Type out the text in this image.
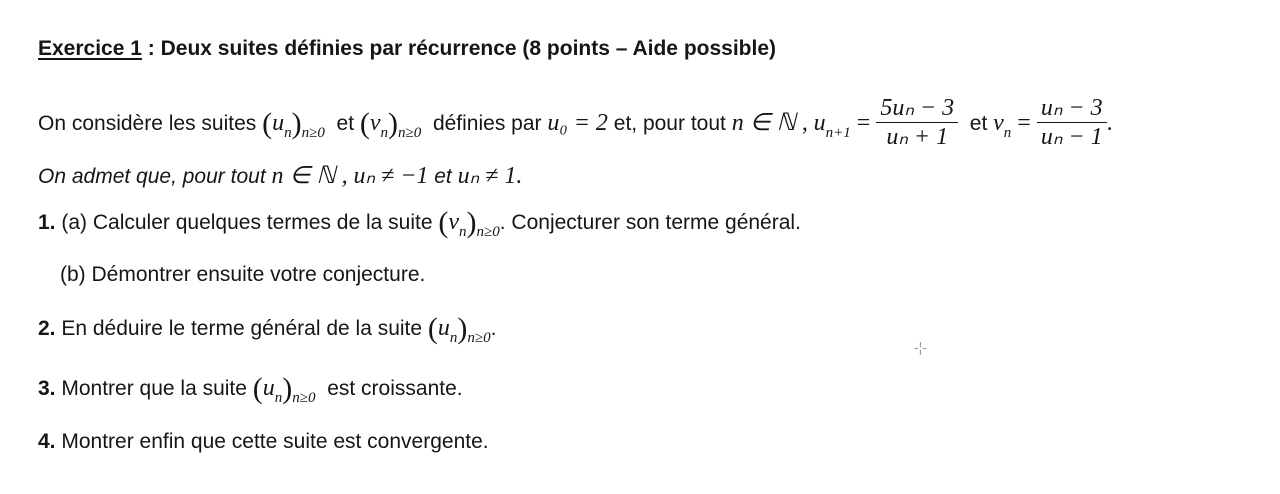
Exercice 1 : Deux suites définies par récurrence (8 points – Aide possible)
On considère les suites $(u_n)_{n\ge 0}$ et $(v_n)_{n\ge 0}$ définies par u₀ = 2 et, pour tout n ∈ ℕ , $u_{n+1} = \frac{\text{5uₙ − 3}}{\text{uₙ + 1}}$ et $v_n = \frac{\text{uₙ − 3}}{\text{uₙ − 1}}$ .
On admet que, pour tout n ∈ ℕ , uₙ ≠ −1 et uₙ ≠ 1.
1. (a) Calculer quelques termes de la suite $(v_n)_{n\ge 0}$. Conjecturer son terme général.
(b) Démontrer ensuite votre conjecture.
2. En déduire le terme général de la suite $(u_n)_{n\ge 0}$.
3. Montrer que la suite $(u_n)_{n\ge 0}$ est croissante.
4. Montrer enfin que cette suite est convergente.
-¦-
